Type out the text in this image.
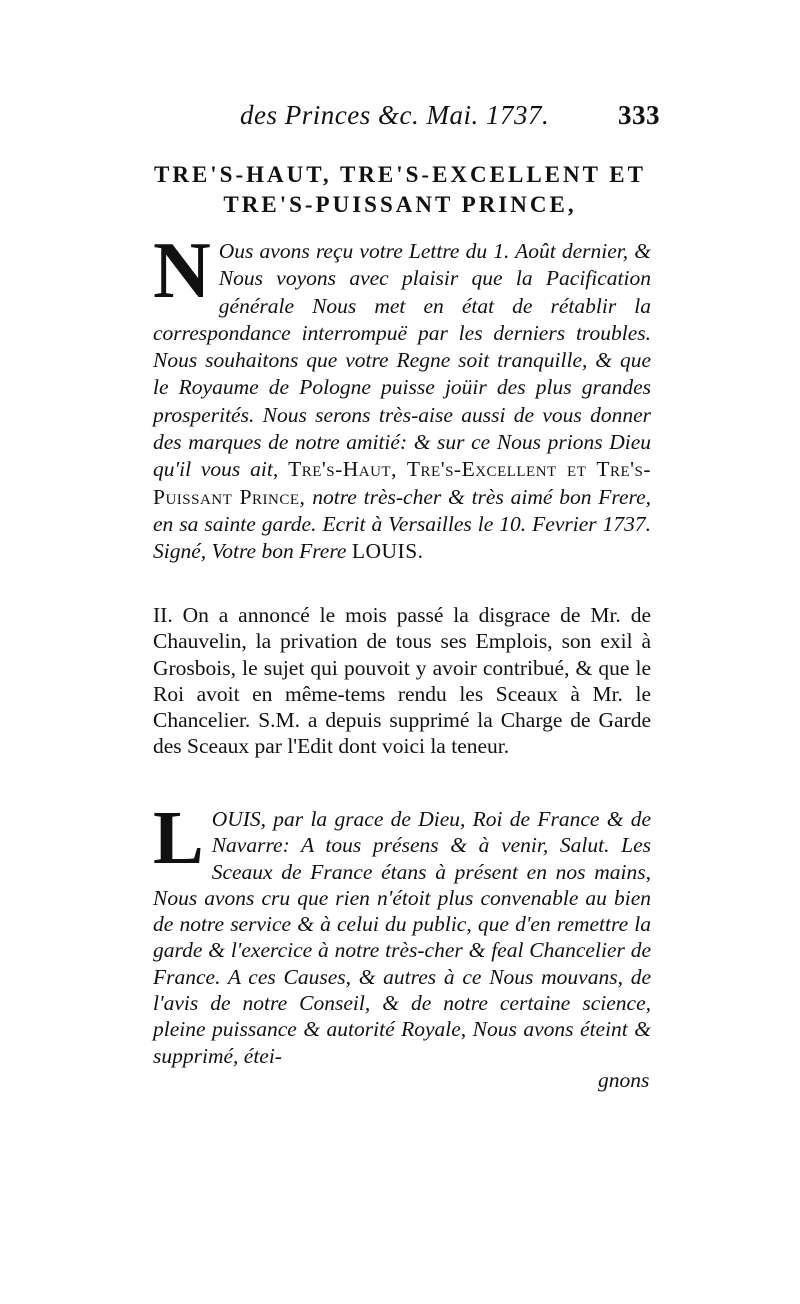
des Princes &c. Mai. 1737.	333
TRE'S-HAUT, TRE'S-EXCELLENT ET
TRE'S-PUISSANT PRINCE,
N Ous avons reçu votre Lettre du 1. Août dernier, & Nous voyons avec plaisir que la Pacification générale Nous met en état de rétablir la correspondance interrompuë par les derniers troubles. Nous souhaitons que votre Regne soit tranquille, & que le Royaume de Pologne puisse joüir des plus grandes prosperités. Nous serons très-aise aussi de vous donner des marques de notre amitié: & sur ce Nous prions Dieu qu'il vous ait, Tre's-Haut, Tre's-Excellent et Tre's-Puissant Prince, notre très-cher & très aimé bon Frere, en sa sainte garde. Ecrit à Versailles le 10. Fevrier 1737. Signé, Votre bon Frere LOUIS.
II. On a annoncé le mois passé la disgrace de Mr. de Chauvelin, la privation de tous ses Emplois, son exil à Grosbois, le sujet qui pouvoit y avoir contribué, & que le Roi avoit en même-tems rendu les Sceaux à Mr. le Chancelier. S.M. a depuis supprimé la Charge de Garde des Sceaux par l'Edit dont voici la teneur.
L OUIS, par la grace de Dieu, Roi de France & de Navarre: A tous présens & à venir, Salut. Les Sceaux de France étans à présent en nos mains, Nous avons cru que rien n'étoit plus convenable au bien de notre service & à celui du public, que d'en remettre la garde & l'exercice à notre très-cher & feal Chancelier de France. A ces Causes, & autres à ce Nous mouvans, de l'avis de notre Conseil, & de notre certaine science, pleine puissance & autorité Royale, Nous avons éteint & supprimé, étei-
gnons
